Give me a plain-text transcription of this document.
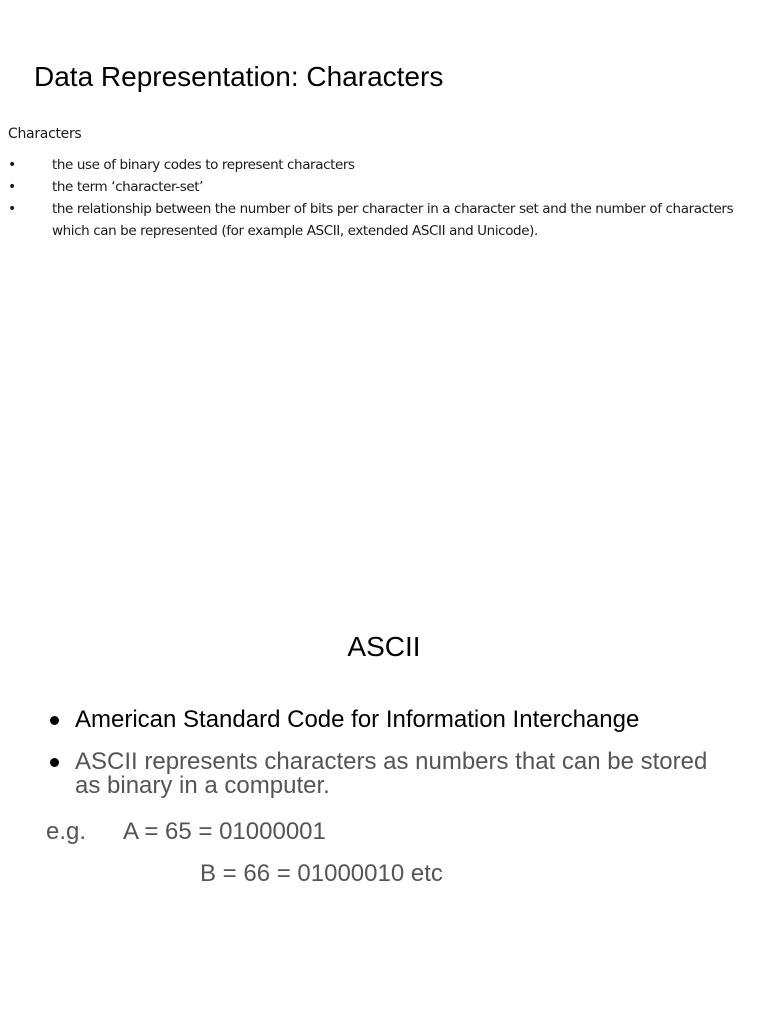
Data Representation: Characters
Characters
•	the use of binary codes to represent characters
•	the term ‘character-set’
•	the relationship between the number of bits per character in a character set and the number of characters which can be represented (for example ASCII, extended ASCII and Unicode).
ASCII
American Standard Code for Information Interchange
ASCII represents characters as numbers that can be stored as binary in a computer.
e.g. A = 65 = 01000001
B = 66 = 01000010 etc
